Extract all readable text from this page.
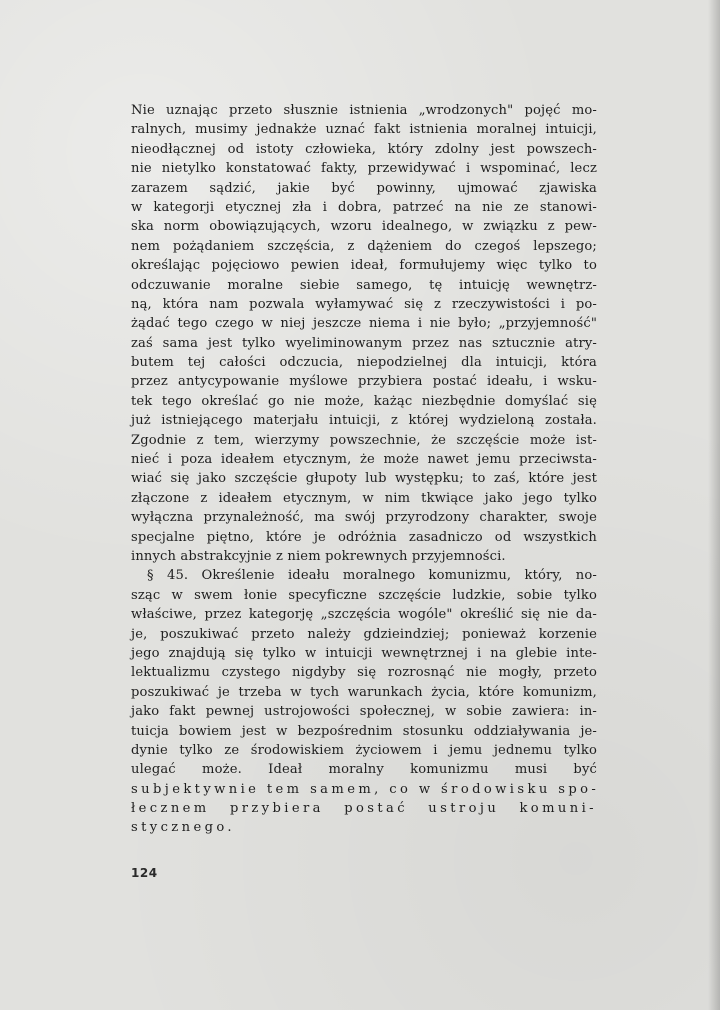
Nie uznając przeto słusznie istnienia „wrodzonych" pojęć mo-
ralnych, musimy jednakże uznać fakt istnienia moralnej intuicji,
nieodłącznej od istoty człowieka, który zdolny jest powszech-
nie nietylko konstatować fakty, przewidywać i wspominać, lecz
zarazem sądzić, jakie być powinny, ujmować zjawiska
w kategorji etycznej zła i dobra, patrzeć na nie ze stanowi-
ska norm obowiązujących, wzoru idealnego, w związku z pew-
nem pożądaniem szczęścia, z dążeniem do czegoś lepszego;
określając pojęciowo pewien ideał, formułujemy więc tylko to
odczuwanie moralne siebie samego, tę intuicję wewnętrz-
ną, która nam pozwala wyłamywać się z rzeczywistości i po-
żądać tego czego w niej jeszcze niema i nie było; „przyjemność"
zaś sama jest tylko wyeliminowanym przez nas sztucznie atry-
butem tej całości odczucia, niepodzielnej dla intuicji, która
przez antycypowanie myślowe przybiera postać ideału, i wsku-
tek tego określać go nie może, każąc niezbędnie domyślać się
już istniejącego materjału intuicji, z której wydzieloną została.
Zgodnie z tem, wierzymy powszechnie, że szczęście może ist-
nieć i poza ideałem etycznym, że może nawet jemu przeciwsta-
wiać się jako szczęście głupoty lub występku; to zaś, które jest
złączone z ideałem etycznym, w nim tkwiące jako jego tylko
wyłączna przynależność, ma swój przyrodzony charakter, swoje
specjalne piętno, które je odróżnia zasadniczo od wszystkich
innych abstrakcyjnie z niem pokrewnych przyjemności.
§ 45. Określenie ideału moralnego komunizmu, który, no-
sząc w swem łonie specyficzne szczęście ludzkie, sobie tylko
właściwe, przez kategorję „szczęścia wogóle" określić się nie da-
je, poszukiwać przeto należy gdzieindziej; ponieważ korzenie
jego znajdują się tylko w intuicji wewnętrznej i na glebie inte-
lektualizmu czystego nigdyby się rozrosnąć nie mogły, przeto
poszukiwać je trzeba w tych warunkach życia, które komunizm,
jako fakt pewnej ustrojowości społecznej, w sobie zawiera: in-
tuicja bowiem jest w bezpośrednim stosunku oddziaływania je-
dynie tylko ze środowiskiem życiowem i jemu jednemu tylko
ulegać może. Ideał moralny komunizmu musi być
subjektywnie tem samem, co w środowisku spo-
łecznem przybiera postać ustroju komuni-
stycznego.
124
